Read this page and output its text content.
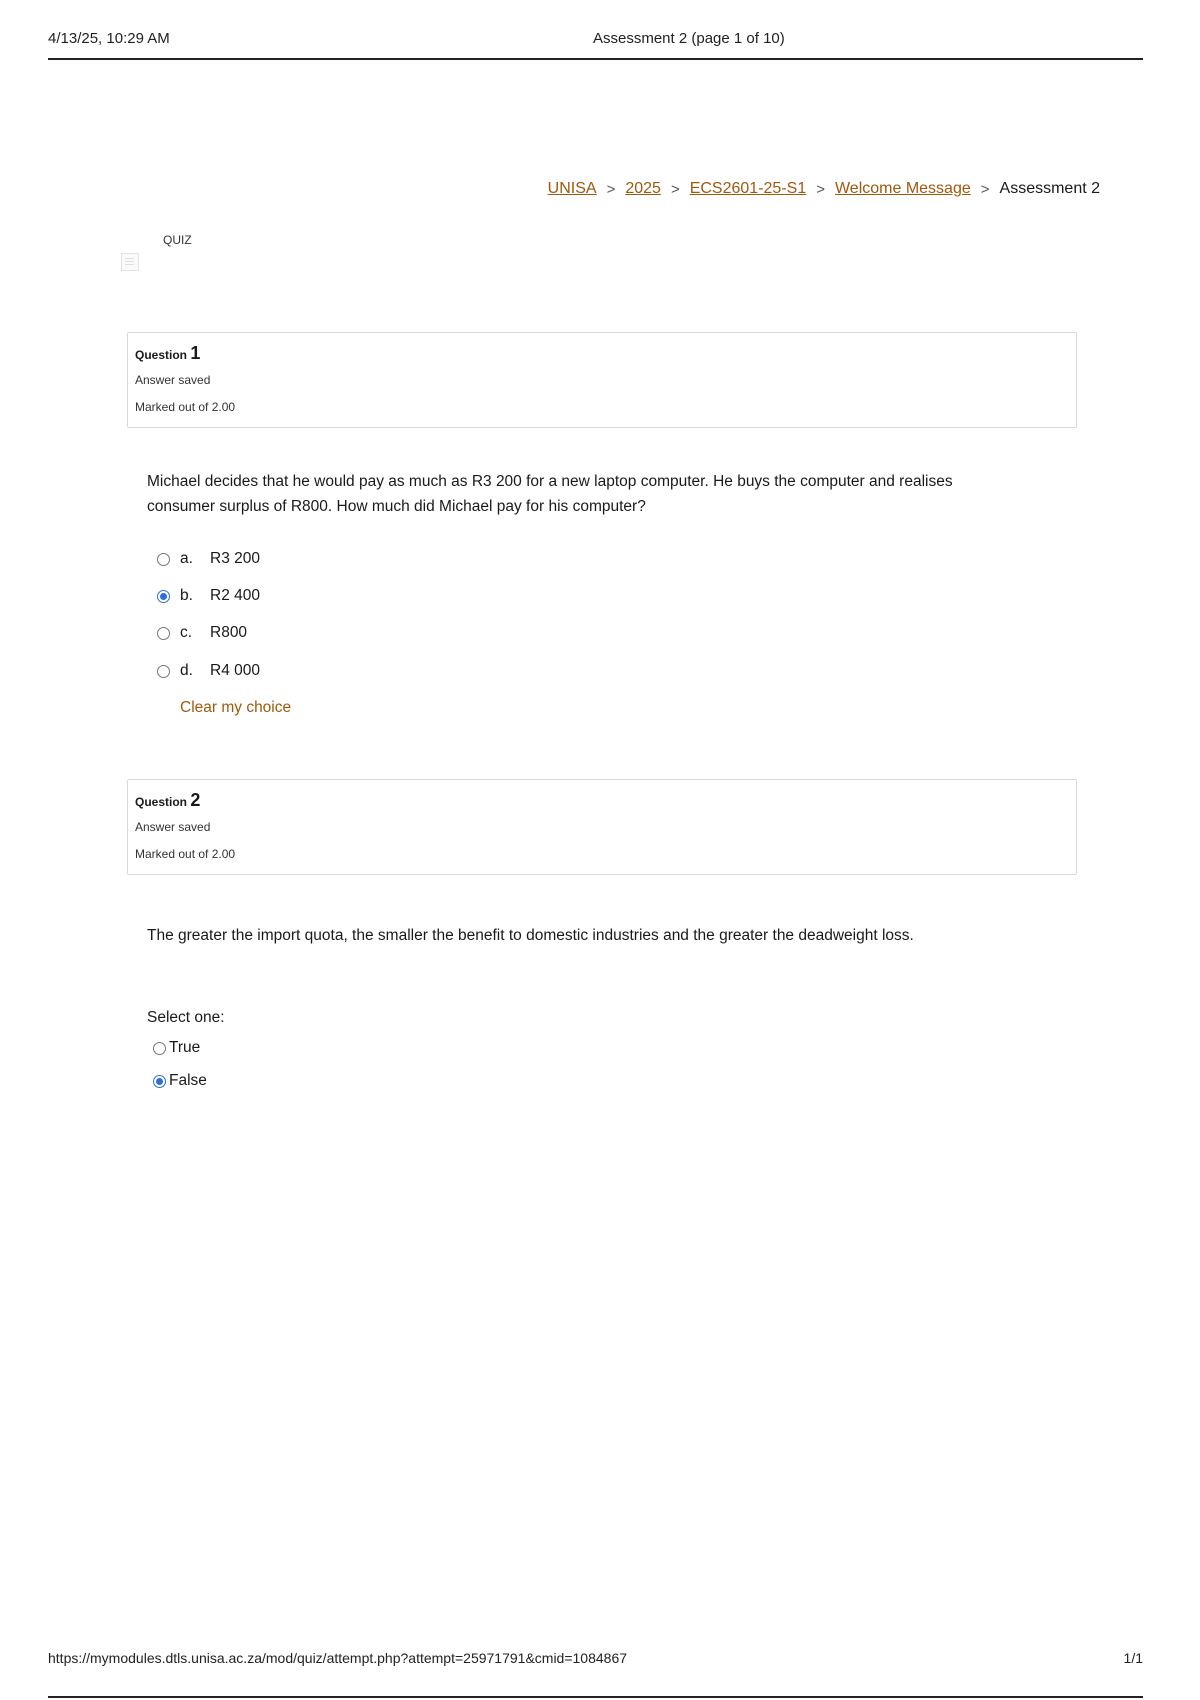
4/13/25, 10:29 AM	Assessment 2 (page 1 of 10)
UNISA > 2025 > ECS2601-25-S1 > Welcome Message > Assessment 2
QUIZ
Question 1
Answer saved
Marked out of 2.00
Michael decides that he would pay as much as R3 200 for a new laptop computer. He buys the computer and realises
consumer surplus of R800. How much did Michael pay for his computer?
a.	R3 200
b.	R2 400
c.	R800
d.	R4 000
Clear my choice
Question 2
Answer saved
Marked out of 2.00
The greater the import quota, the smaller the benefit to domestic industries and the greater the deadweight loss.
Select one:
True
False
https://mymodules.dtls.unisa.ac.za/mod/quiz/attempt.php?attempt=25971791&cmid=1084867	1/1
